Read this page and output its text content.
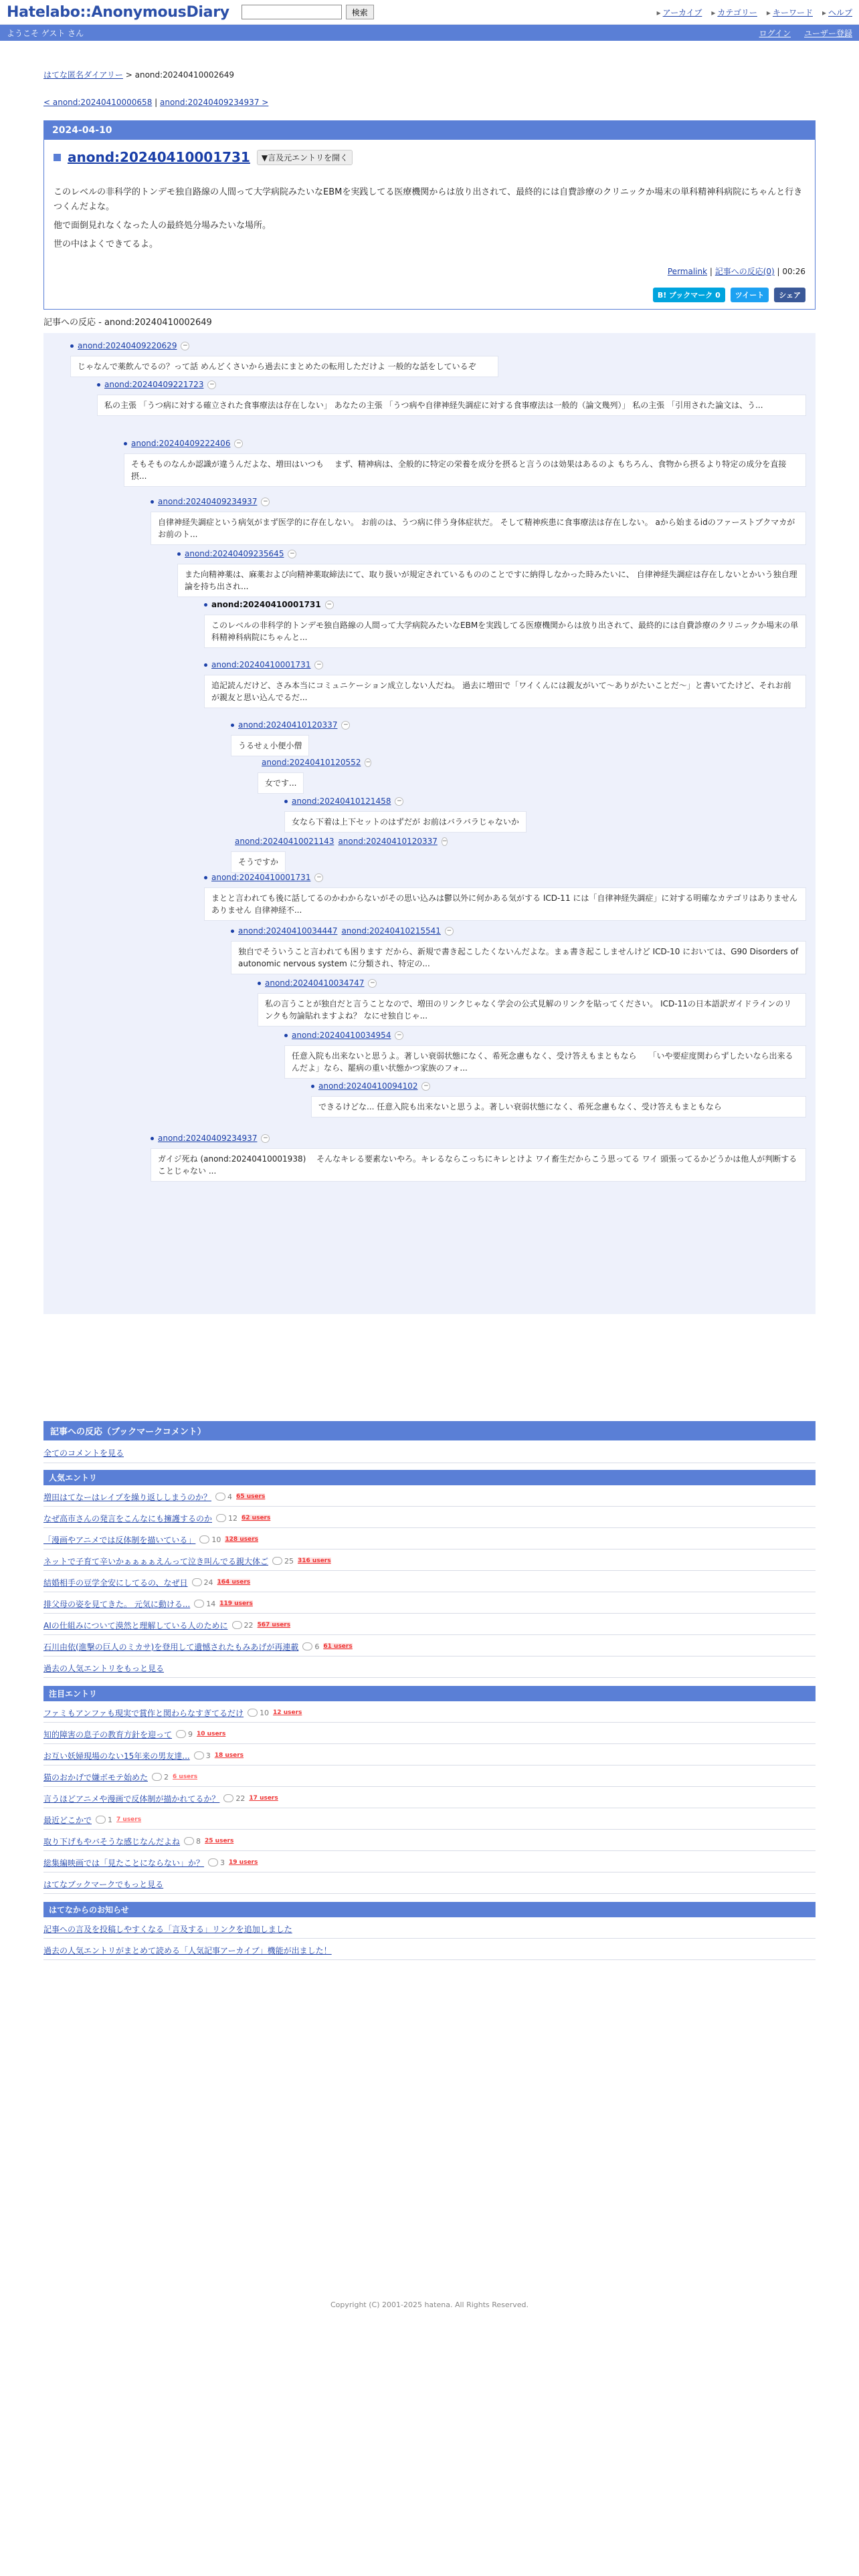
Hatelabo::AnonymousDiary	検索	▸ アーカイブ	▸ カテゴリー	▸ キーワード	▸ ヘルプ
ようこそ ゲスト さん	ログイン ユーザー登録
はてな匿名ダイアリー > anond:20240410002649
< anond:20240410000658 | anond:20240409234937 >
2024-04-10
anond:20240410001731	▼言及元エントリを開く

このレベルの非科学的トンデモ独自路線の人間って大学病院みたいなEBMを実践してる医療機関からは放り出されて、最終的には自費診療のクリニックか場末の単科精神科病院にちゃんと行きつくんだよな。

他で面倒見れなくなった人の最終処分場みたいな場所。

世の中はよくできてるよ。

Permalink | 記事への反応(0) | 00:26
B! ブックマーク 0	ツイート	シェア
記事への反応 - anond:20240410002649
anond:20240409220629 −
じゃなんで薬飲んでるの？って話 めんどくさいから過去にまとめたの転用しただけよ 一般的な話をしているぞ
anond:20240409221723 −
私の主張 「うつ病に対する確立された食事療法は存在しない」 あなたの主張 「うつ病や自律神経失調症に対する食事療法は一般的（論文幾列）」 私の主張 「引用された論文は、う...
anond:20240409222406 −
そもそものなんか認識が違うんだよな、増田はいつも　 まず、精神病は、全般的に特定の栄養を成分を摂ると言うのは効果はあるのよ もちろん、食物から摂るより特定の成分を直接摂...
anond:20240409234937 −
自律神経失調症という病気がまず医学的に存在しない。 お前のは、うつ病に伴う身体症状だ。 そして精神疾患に食事療法は存在しない。 aから始まるidのファーストブクマカがお前のト...
anond:20240409235645 −
また向精神薬は、麻薬および向精神薬取締法にて、取り扱いが規定されているもののことですに納得しなかった時みたいに、 自律神経失調症は存在しないとかいう独自理論を持ち出され...
anond:20240410001731 −
このレベルの非科学的トンデモ独自路線の人間って大学病院みたいなEBMを実践してる医療機関からは放り出されて、最終的には自費診療のクリニックか場末の単科精神科病院にちゃんと...
anond:20240410001731 −
追記読んだけど、さみ本当にコミュニケーション成立しない人だね。 過去に増田で「ワイくんには親友がいて〜ありがたいことだ〜」と書いてたけど、それお前が親友と思い込んでるだ...
anond:20240410120337 −
うるせぇ小便小僧
anond:20240410120552 −
女です...
anond:20240410121458 −
女なら下着は上下セットのはずだが お前はバラバラじゃないか
anond:20240410021143 anond:20240410120337 −
そうですか
anond:20240410001731 −
まとと言われても後に話してるのかわからないがその思い込みは鬱以外に何かある気がする ICD-11 には「自律神経失調症」に対する明確なカテゴリはありません ありません 自律神経不...
anond:20240410034447 anond:20240410215541 −
独自でそういうこと言われても困ります だから、新規で書き起こしたくないんだよな。まぁ書き起こしませんけど ICD-10 においては、G90 Disorders of autonomic nervous system に分類され、特定の...
anond:20240410034747 −
私の言うことが独自だと言うことなので、増田のリンクじゃなく学会の公式見解のリンクを貼ってください。 ICD-11の日本語訳ガイドラインのリンクも勿論貼れますよね？ なにせ独自じゃ...
anond:20240410034954 −
任意入院も出来ないと思うよ。著しい衰弱状態になく、希死念慮もなく、受け答えもまともなら　　「いや要症度関わらずしたいなら出来るんだよ」なら、罷病の重い状態かつ家族のフォ...
anond:20240410094102 −
できるけどな... 任意入院も出来ないと思うよ。著しい衰弱状態になく、希死念慮もなく、受け答えもまともなら
anond:20240409234937 −
ガイジ死ね (anond:20240410001938)　 そんなキレる要素ないやろ。キレるならこっちにキレとけよ ワイ畜生だからこう思ってる ワイ 頭張ってるかどうかは他人が判断することじゃない ...
記事への反応（ブックマークコメント）
全てのコメントを見る
人気エントリ
増田はてなーはレイプを繰り返ししまうのか？ 4 65 users
なぜ高市さんの発言をこんなにも擁護するのか 12 62 users
「漫画やアニメでは反体制を描いている」 10 128 users
ネットで子育て辛いかぁぁぁぁえんって泣き叫んでる親大体ご 25 316 users
結婚相手の豆学全安にしてるの、なぜ日 24 164 users
排父母の姿を見てきた。 元気に動ける... 14 119 users
AIの仕組みについて漠然と理解している人のために 22 567 users
石川由依(進撃の巨人のミカサ)を登用して遺憾されたもみあげが再連載 6 61 users
過去の人気エントリをもっと見る
注目エントリ
ファミもアンファも現実で賞作と関わらなすぎてるだけ 10 12 users
知的障害の息子の教育方針を迎って 9 10 users
お互い妖婦現場のない15年来の男友達... 3 18 users
猫のおかげで嫌ボモテ始めた 2 6 users
言うほどアニメや漫画で反体制が描かれてるか？ 22 17 users
最近どこかで 1 7 users
取り下げもやバそうな感じなんだよね 8 25 users
総集編映画では「見たことにならない」か？ 3 19 users
はてなブックマークでもっと見る
はてなからのお知らせ
記事への言及を投稿しやすくなる「言及する」リンクを追加しました
過去の人気エントリがまとめて読める「人気記事アーカイブ」機能が出ました！
Copyright (C) 2001-2025 hatena. All Rights Reserved.
